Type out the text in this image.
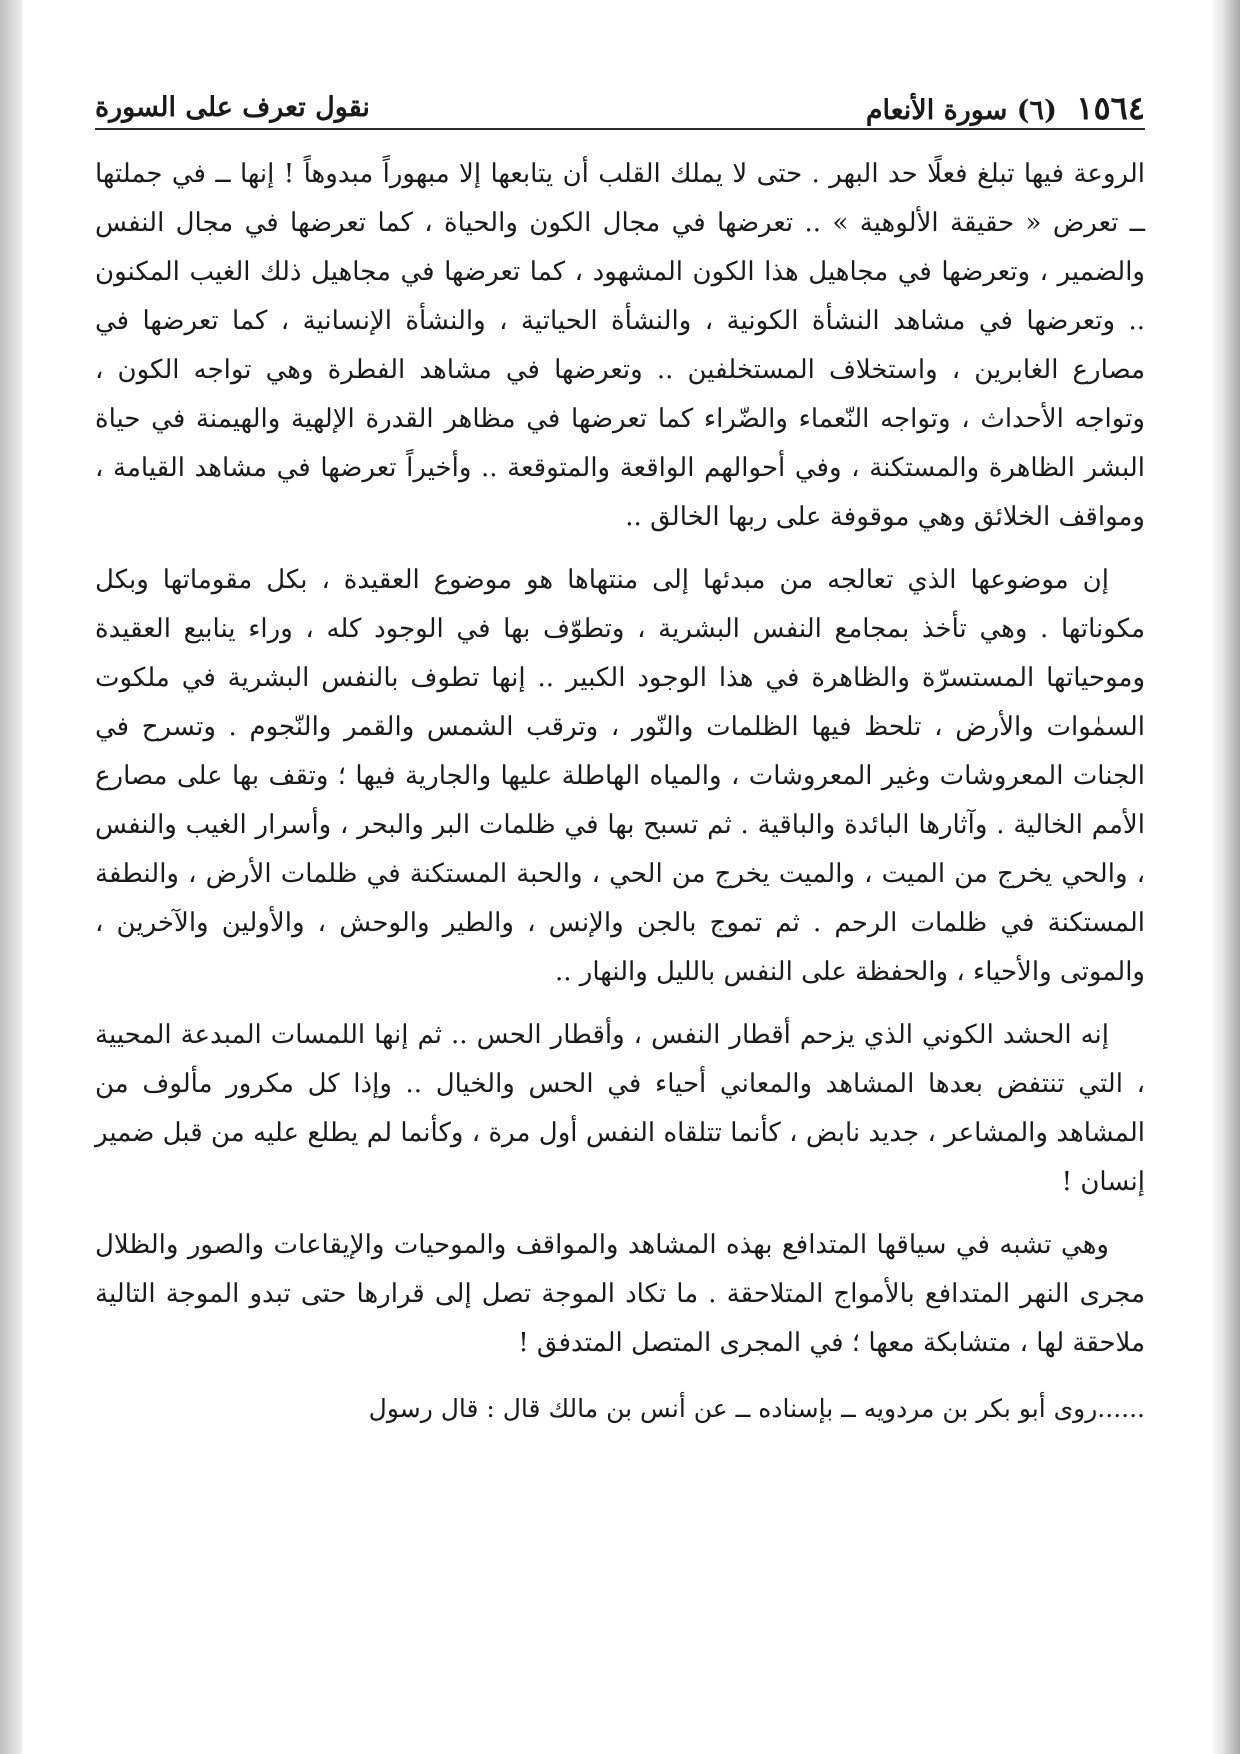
١٥٦٤ (٦) سورة الأنعام
نقول تعرف على السورة

الروعة فيها تبلغ فعلًا حد البهر . حتى لا يملك القلب أن يتابعها إلا مبهوراً مبدوهاً ! إنها ــ في جملتها ــ تعرض « حقيقة الألوهية » .. تعرضها في مجال الكون والحياة ، كما تعرضها في مجال النفس والضمير ، وتعرضها في مجاهيل هذا الكون المشهود ، كما تعرضها في مجاهيل ذلك الغيب المكنون .. وتعرضها في مشاهد النشأة الكونية ، والنشأة الحياتية ، والنشأة الإنسانية ، كما تعرضها في مصارع الغابرين ، واستخلاف المستخلفين .. وتعرضها في مشاهد الفطرة وهي تواجه الكون ، وتواجه الأحداث ، وتواجه النّعماء والضّراء كما تعرضها في مظاهر القدرة الإلهية والهيمنة في حياة البشر الظاهرة والمستكنة ، وفي أحوالهم الواقعة والمتوقعة .. وأخيراً تعرضها في مشاهد القيامة ، ومواقف الخلائق وهي موقوفة على ربها الخالق ..

إن موضوعها الذي تعالجه من مبدئها إلى منتهاها هو موضوع العقيدة ، بكل مقوماتها وبكل مكوناتها . وهي تأخذ بمجامع النفس البشرية ، وتطوّف بها في الوجود كله ، وراء ينابيع العقيدة وموحياتها المستسرّة والظاهرة في هذا الوجود الكبير .. إنها تطوف بالنفس البشرية في ملكوت السمٰوات والأرض ، تلحظ فيها الظلمات والنّور ، وترقب الشمس والقمر والنّجوم . وتسرح في الجنات المعروشات وغير المعروشات ، والمياه الهاطلة عليها والجارية فيها ؛ وتقف بها على مصارع الأمم الخالية . وآثارها البائدة والباقية . ثم تسبح بها في ظلمات البر والبحر ، وأسرار الغيب والنفس ، والحي يخرج من الميت ، والميت يخرج من الحي ، والحبة المستكنة في ظلمات الأرض ، والنطفة المستكنة في ظلمات الرحم . ثم تموج بالجن والإنس ، والطير والوحش ، والأولين والآخرين ، والموتى والأحياء ، والحفظة على النفس بالليل والنهار ..

إنه الحشد الكوني الذي يزحم أقطار النفس ، وأقطار الحس .. ثم إنها اللمسات المبدعة المحيية ، التي تنتفض بعدها المشاهد والمعاني أحياء في الحس والخيال .. وإذا كل مكرور مألوف من المشاهد والمشاعر ، جديد نابض ، كأنما تتلقاه النفس أول مرة ، وكأنما لم يطلع عليه من قبل ضمير إنسان !

وهي تشبه في سياقها المتدافع بهذه المشاهد والمواقف والموحيات والإيقاعات والصور والظلال مجرى النهر المتدافع بالأمواج المتلاحقة . ما تكاد الموجة تصل إلى قرارها حتى تبدو الموجة التالية ملاحقة لها ، متشابكة معها ؛ في المجرى المتصل المتدفق !

......روى أبو بكر بن مردويه ــ بإسناده ــ عن أنس بن مالك قال : قال رسول
